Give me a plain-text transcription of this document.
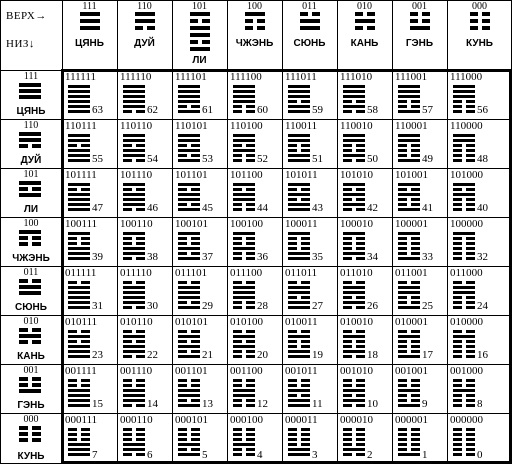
ВЕРХ→
НИЗ↓
111
ЦЯНЬ
110
ДУЙ
101
ЛИ
100
ЧЖЭНЬ
011
СЮНЬ
010
КАНЬ
001
ГЭНЬ
000
КУНЬ
111
ЦЯНЬ
110
ДУЙ
101
ЛИ
100
ЧЖЭНЬ
011
СЮНЬ
010
КАНЬ
001
ГЭНЬ
000
КУНЬ
111111
63
111110
62
111101
61
111100
60
111011
59
111010
58
111001
57
111000
56
110111
55
110110
54
110101
53
110100
52
110011
51
110010
50
110001
49
110000
48
101111
47
101110
46
101101
45
101100
44
101011
43
101010
42
101001
41
101000
40
100111
39
100110
38
100101
37
100100
36
100011
35
100010
34
100001
33
100000
32
011111
31
011110
30
011101
29
011100
28
011011
27
011010
26
011001
25
011000
24
010111
23
010110
22
010101
21
010100
20
010011
19
010010
18
010001
17
010000
16
001111
15
001110
14
001101
13
001100
12
001011
11
001010
10
001001
9
001000
8
000111
7
000110
6
000101
5
000100
4
000011
3
000010
2
000001
1
000000
0
